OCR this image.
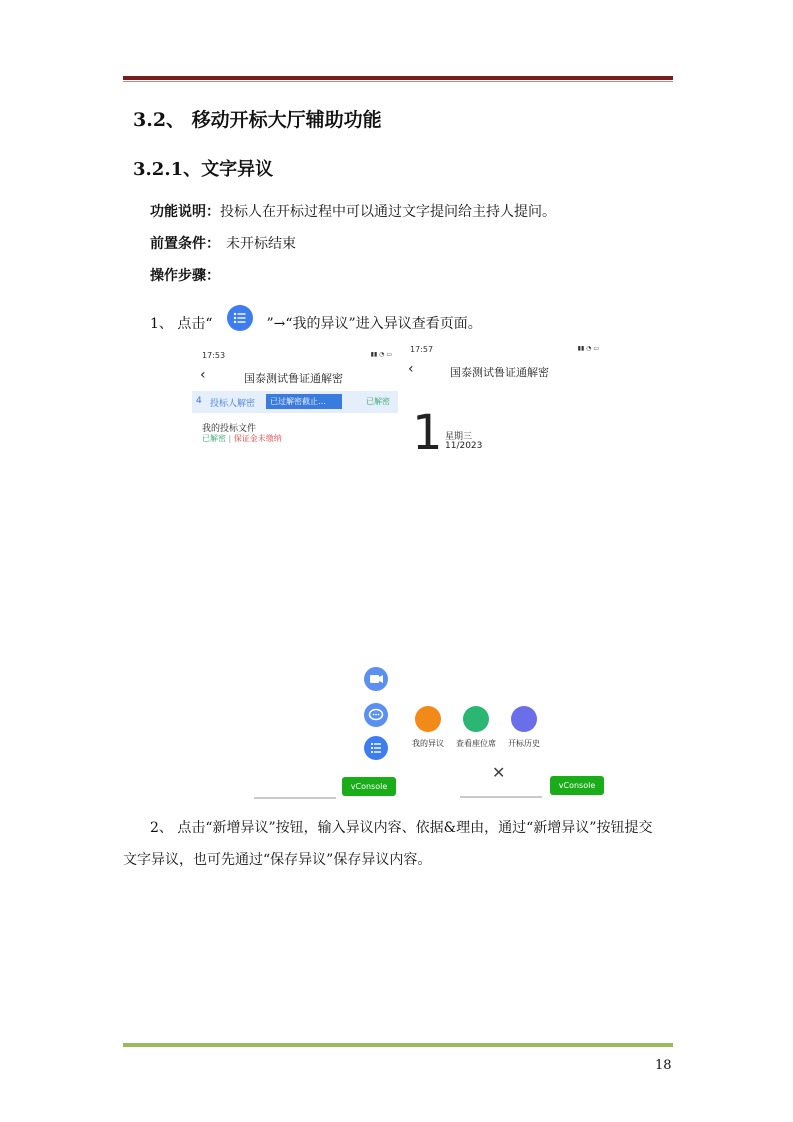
3.2、 移动开标大厅辅助功能
3.2.1、文字异议
功能说明：投标人在开标过程中可以通过文字提问给主持人提问。
前置条件： 未开标结束
操作步骤：
1、 点击“	”→“我的异议”进入异议查看页面。
17:53	▮▮ ◔ ▭
‹	国泰测试鲁证通解密
4 投标人解密	已过解密截止…	已解密
我的投标文件
已解密 | 保证金未缴纳
vConsole
17:57	▮▮ ◔ ▭
‹	国泰测试鲁证通解密
1 星期三
11/2023
我的异议	查看座位席	开标历史
✕
vConsole
2、 点击“新增异议”按钮，输入异议内容、依据&理由，通过“新增异议”按钮提交
文字异议，也可先通过“保存异议”保存异议内容。
18
